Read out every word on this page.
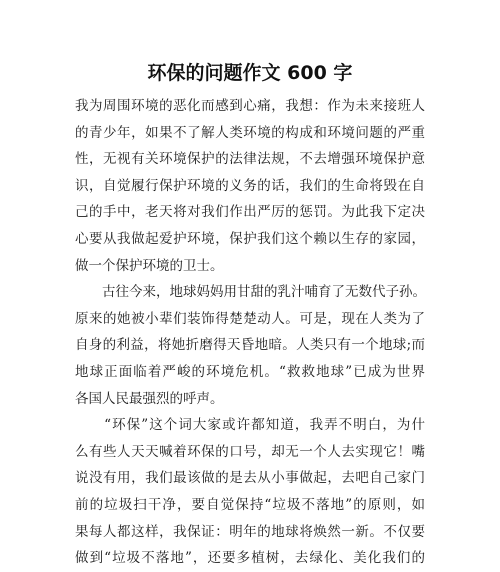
环保的问题作文 600 字

我为周围环境的恶化而感到心痛，我想：作为未来接班人
的青少年，如果不了解人类环境的构成和环境问题的严重
性，无视有关环境保护的法律法规，不去增强环境保护意
识，自觉履行保护环境的义务的话，我们的生命将毁在自
己的手中，老天将对我们作出严厉的惩罚。为此我下定决
心要从我做起爱护环境，保护我们这个赖以生存的家园，
做一个保护环境的卫士。

　　古往今来，地球妈妈用甘甜的乳汁哺育了无数代子孙。
原来的她被小辈们装饰得楚楚动人。可是，现在人类为了
自身的利益，将她折磨得天昏地暗。人类只有一个地球;而
地球正面临着严峻的环境危机。“救救地球”已成为世界
各国人民最强烈的呼声。

　　“环保”这个词大家或许都知道，我弄不明白，为什
么有些人天天喊着环保的口号，却无一个人去实现它！嘴
说没有用，我们最该做的是去从小事做起，去吧自己家门
前的垃圾扫干净，要自觉保持“垃圾不落地”的原则，如
果每人都这样，我保证：明年的地球将焕然一新。不仅要
做到“垃圾不落地”，还要多植树，去绿化、美化我们的
